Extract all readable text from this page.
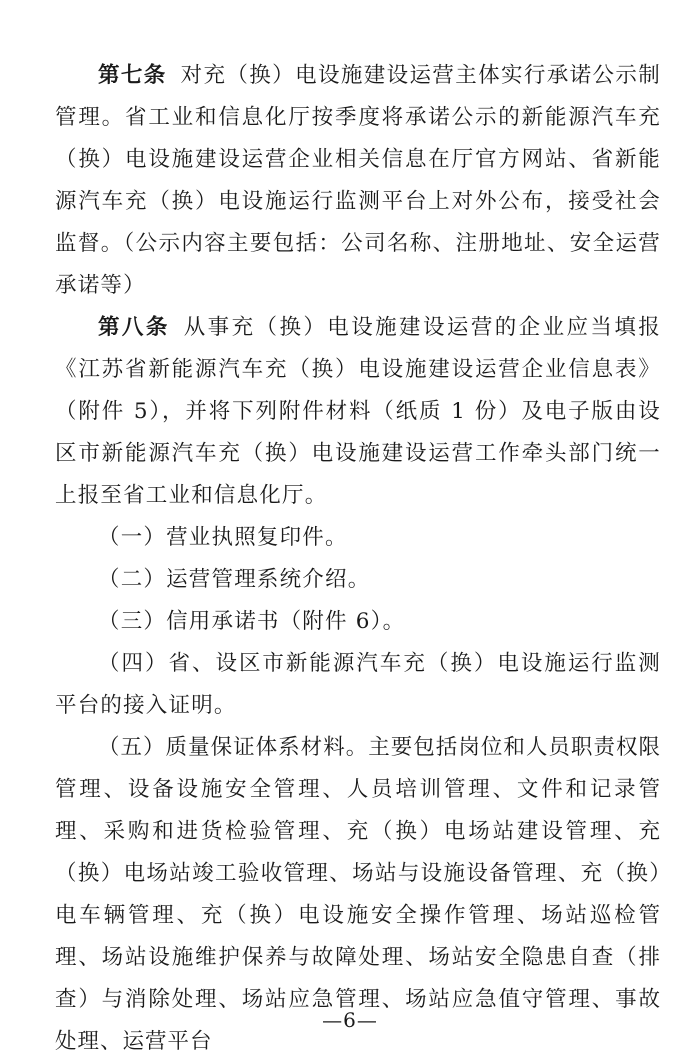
第七条 对充（换）电设施建设运营主体实行承诺公示制管理。省工业和信息化厅按季度将承诺公示的新能源汽车充（换）电设施建设运营企业相关信息在厅官方网站、省新能源汽车充（换）电设施运行监测平台上对外公布，接受社会监督。（公示内容主要包括：公司名称、注册地址、安全运营承诺等）

第八条 从事充（换）电设施建设运营的企业应当填报《江苏省新能源汽车充（换）电设施建设运营企业信息表》（附件 5），并将下列附件材料（纸质 1 份）及电子版由设区市新能源汽车充（换）电设施建设运营工作牵头部门统一上报至省工业和信息化厅。

（一）营业执照复印件。

（二）运营管理系统介绍。

（三）信用承诺书（附件 6）。

（四）省、设区市新能源汽车充（换）电设施运行监测平台的接入证明。

（五）质量保证体系材料。主要包括岗位和人员职责权限管理、设备设施安全管理、人员培训管理、文件和记录管理、采购和进货检验管理、充（换）电场站建设管理、充（换）电场站竣工验收管理、场站与设施设备管理、充（换）电车辆管理、充（换）电设施安全操作管理、场站巡检管理、场站设施维护保养与故障处理、场站安全隐患自查（排查）与消除处理、场站应急管理、场站应急值守管理、事故处理、运营平台

—6—
